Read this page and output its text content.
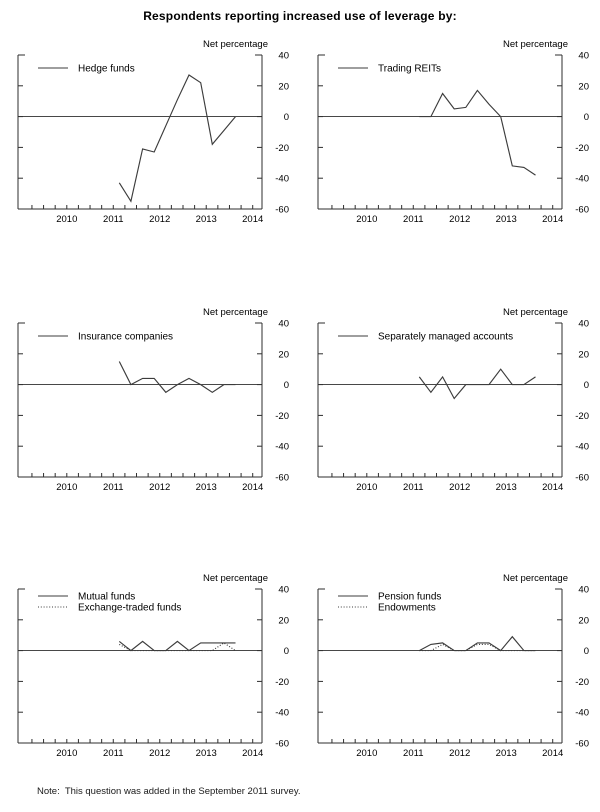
Respondents reporting increased use of leverage by:
40
20
0
-20
-40
-60
2010	2011	2012	2013	2014
Net percentage
Hedge funds
40
20
0
-20
-40
-60
2010	2011	2012	2013	2014
Net percentage
Trading REITs
40
20
0
-20
-40
-60
2010	2011	2012	2013	2014
Net percentage
Insurance companies
40
20
0
-20
-40
-60
2010	2011	2012	2013	2014
Net percentage
Separately managed accounts
40
20
0
-20
-40
-60
2010	2011	2012	2013	2014
Net percentage
Mutual funds
Exchange-traded funds
40
20
0
-20
-40
-60
2010	2011	2012	2013	2014
Net percentage
Pension funds
Endowments
Note:  This question was added in the September 2011 survey.
